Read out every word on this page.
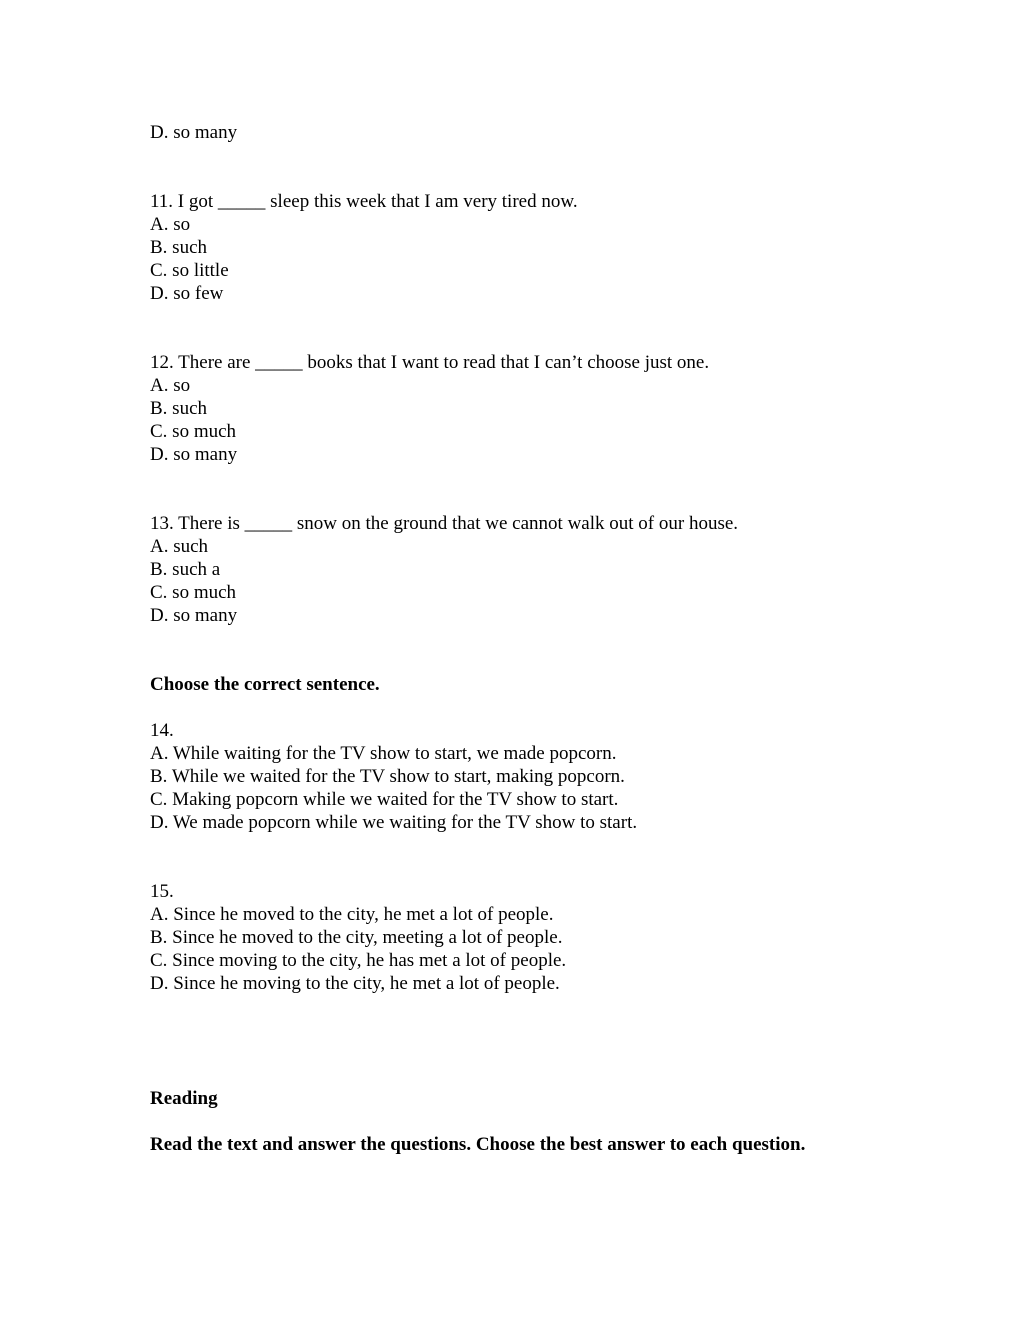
D. so many
11. I got _____ sleep this week that I am very tired now.
A. so
B. such
C. so little
D. so few
12. There are _____ books that I want to read that I can’t choose just one.
A. so
B. such
C. so much
D. so many
13. There is _____ snow on the ground that we cannot walk out of our house.
A. such
B. such a
C. so much
D. so many
Choose the correct sentence.
14.
A. While waiting for the TV show to start, we made popcorn.
B. While we waited for the TV show to start, making popcorn.
C. Making popcorn while we waited for the TV show to start.
D. We made popcorn while we waiting for the TV show to start.
15.
A. Since he moved to the city, he met a lot of people.
B. Since he moved to the city, meeting a lot of people.
C. Since moving to the city, he has met a lot of people.
D. Since he moving to the city, he met a lot of people.
Reading
Read the text and answer the questions. Choose the best answer to each question.
